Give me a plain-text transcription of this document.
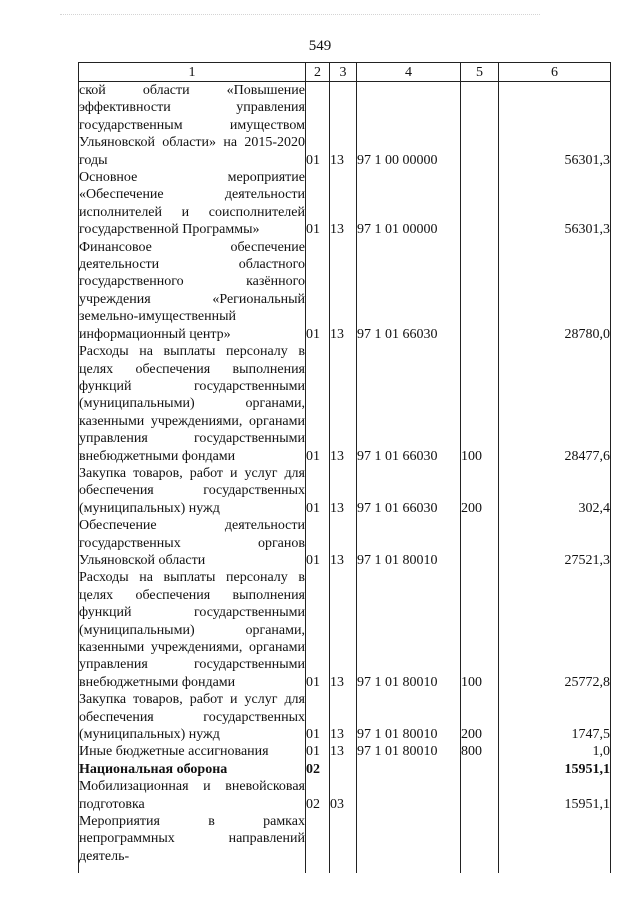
549
1	2	3	4	5	6
ской области «Повышение эффективности управления государственным имуществом Ульяновской области» на 2015-2020 годы	01	13	97 1 00 00000		56301,3
Основное мероприятие «Обеспечение деятельности исполнителей и соисполнителей государственной Программы»	01	13	97 1 01 00000		56301,3
Финансовое обеспечение деятельности областного государственного казённого учреждения «Региональный земельно-имущественный информационный центр»	01	13	97 1 01 66030		28780,0
Расходы на выплаты персоналу в целях обеспечения выполнения функций государственными (муниципальными) органами, казенными учреждениями, органами управления государственными внебюджетными фондами	01	13	97 1 01 66030	100	28477,6
Закупка товаров, работ и услуг для обеспечения государственных (муниципальных) нужд	01	13	97 1 01 66030	200	302,4
Обеспечение деятельности государственных органов Ульяновской области	01	13	97 1 01 80010		27521,3
Расходы на выплаты персоналу в целях обеспечения выполнения функций государственными (муниципальными) органами, казенными учреждениями, органами управления государственными внебюджетными фондами	01	13	97 1 01 80010	100	25772,8
Закупка товаров, работ и услуг для обеспечения государственных (муниципальных) нужд	01	13	97 1 01 80010	200	1747,5
Иные бюджетные ассигнования	01	13	97 1 01 80010	800	1,0
Национальная оборона	02				15951,1
Мобилизационная и вневойсковая подготовка	02	03			15951,1
Мероприятия в рамках непрограммных направлений деятель-					
